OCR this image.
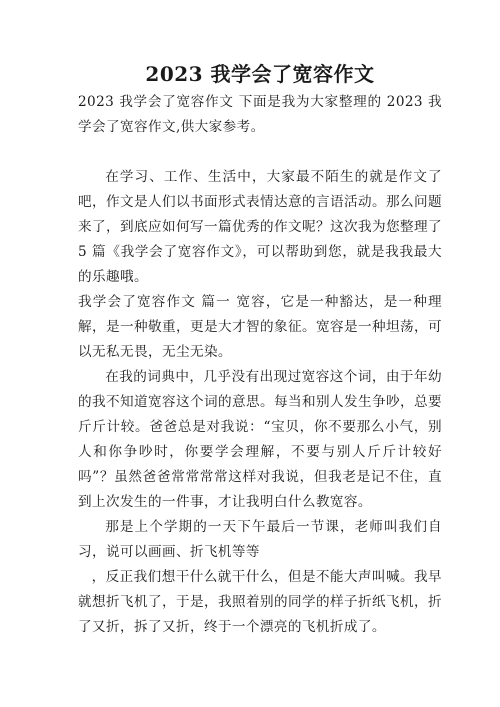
2023 我学会了宽容作文

2023 我学会了宽容作文 下面是我为大家整理的 2023 我学会了宽容作文,供大家参考。

在学习、工作、生活中，大家最不陌生的就是作文了吧，作文是人们以书面形式表情达意的言语活动。那么问题来了，到底应如何写一篇优秀的作文呢？这次我为您整理了 5 篇《我学会了宽容作文》，可以帮助到您，就是我我最大的乐趣哦。

我学会了宽容作文 篇一 宽容，它是一种豁达，是一种理解，是一种敬重，更是大才智的象征。宽容是一种坦荡，可以无私无畏，无尘无染。

在我的词典中，几乎没有出现过宽容这个词，由于年幼的我不知道宽容这个词的意思。每当和别人发生争吵，总要斤斤计较。爸爸总是对我说：“宝贝，你不要那么小气，别人和你争吵时，你要学会理解，不要与别人斤斤计较好吗”？虽然爸爸常常常常这样对我说，但我老是记不住，直到上次发生的一件事，才让我明白什么教宽容。

那是上个学期的一天下午最后一节课，老师叫我们自习，说可以画画、折飞机等等

，反正我们想干什么就干什么，但是不能大声叫喊。我早就想折飞机了，于是，我照着别的同学的样子折纸飞机，折了又折，拆了又折，终于一个漂亮的飞机折成了。
